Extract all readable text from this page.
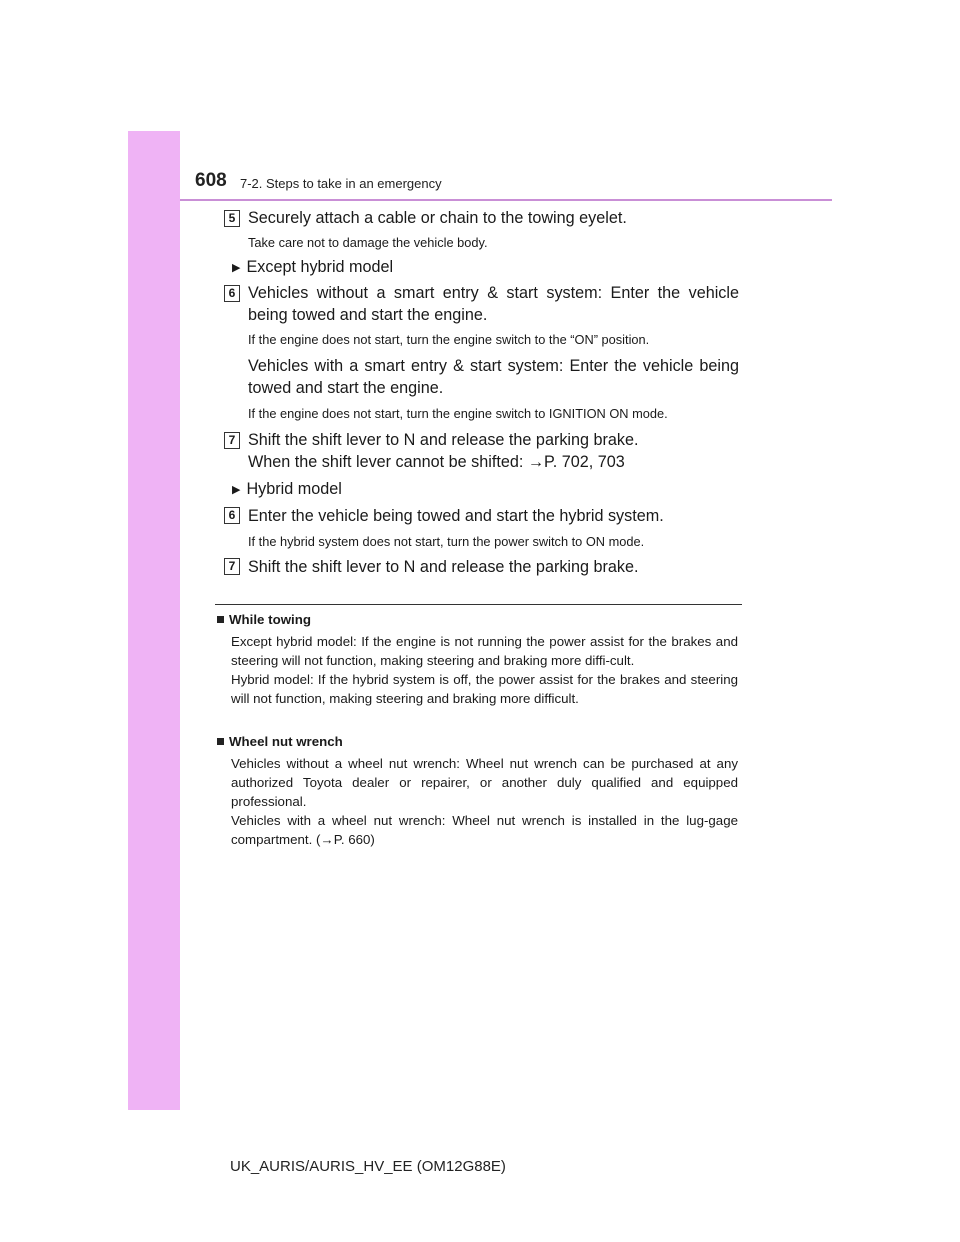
608 7-2. Steps to take in an emergency
5 Securely attach a cable or chain to the towing eyelet.
Take care not to damage the vehicle body.
▶ Except hybrid model
6 Vehicles without a smart entry & start system: Enter the vehicle being towed and start the engine.
If the engine does not start, turn the engine switch to the “ON” position.
Vehicles with a smart entry & start system: Enter the vehicle being towed and start the engine.
If the engine does not start, turn the engine switch to IGNITION ON mode.
7 Shift the shift lever to N and release the parking brake.
When the shift lever cannot be shifted: →P. 702, 703
▶ Hybrid model
6 Enter the vehicle being towed and start the hybrid system.
If the hybrid system does not start, turn the power switch to ON mode.
7 Shift the shift lever to N and release the parking brake.
While towing

Except hybrid model: If the engine is not running the power assist for the brakes and steering will not function, making steering and braking more diffi-cult.

Hybrid model: If the hybrid system is off, the power assist for the brakes and steering will not function, making steering and braking more difficult.

Wheel nut wrench

Vehicles without a wheel nut wrench: Wheel nut wrench can be purchased at any authorized Toyota dealer or repairer, or another duly qualified and equipped professional.

Vehicles with a wheel nut wrench: Wheel nut wrench is installed in the lug-gage compartment. (→P. 660)

UK_AURIS/AURIS_HV_EE (OM12G88E)
